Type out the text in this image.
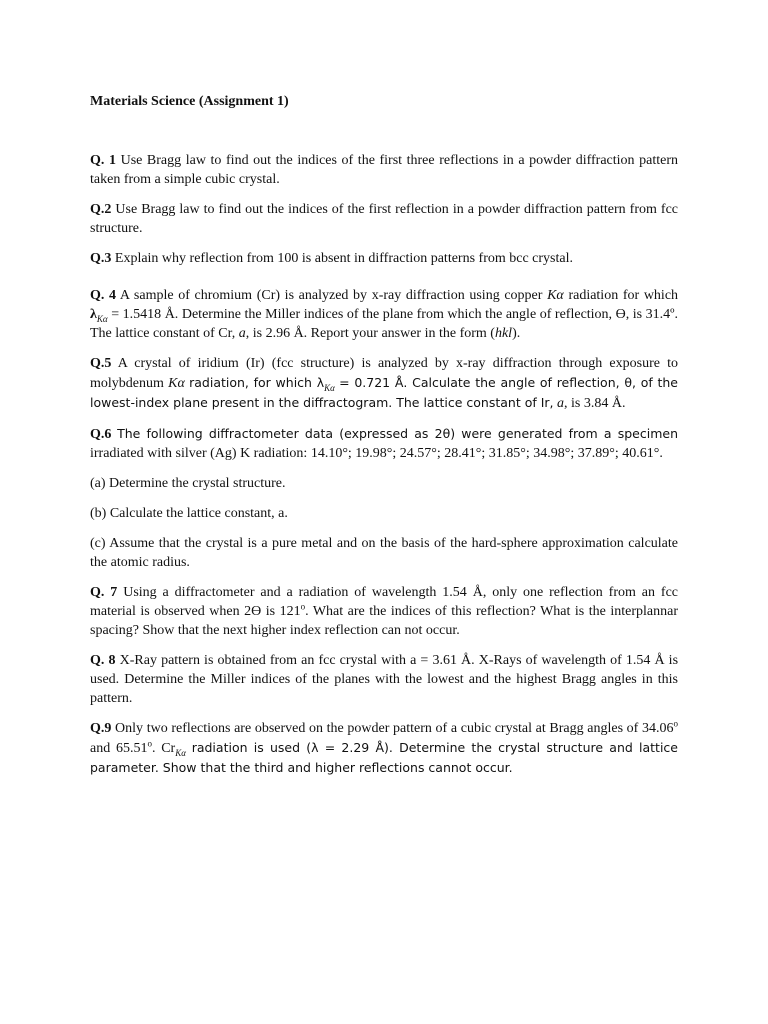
Materials Science (Assignment 1)

Q. 1 Use Bragg law to find out the indices of the first three reflections in a powder diffraction pattern taken from a simple cubic crystal.

Q.2 Use Bragg law to find out the indices of the first reflection in a powder diffraction pattern from fcc structure.

Q.3 Explain why reflection from 100 is absent in diffraction patterns from bcc crystal.

Q. 4 A sample of chromium (Cr) is analyzed by x-ray diffraction using copper Kα radiation for which $\lambda_{K\alpha} = 1.5418$ Å. Determine the Miller indices of the plane from which the angle of reflection, ϴ, is 31.4º. The lattice constant of Cr, a, is 2.96 Å. Report your answer in the form (hkl).

Q.5 A crystal of iridium (Ir) (fcc structure) is analyzed by x-ray diffraction through exposure to molybdenum Kα radiation, for which $\lambda_{K\alpha} = 0.721$ Å. Calculate the angle of reflection, θ, of the lowest-index plane present in the diffractogram. The lattice constant of Ir, a, is 3.84 Å.

Q.6 The following diffractometer data (expressed as 2θ) were generated from a specimen irradiated with silver (Ag) K radiation: 14.10°; 19.98°; 24.57°; 28.41°; 31.85°; 34.98°; 37.89°; 40.61°.

(a) Determine the crystal structure.

(b) Calculate the lattice constant, a.

(c) Assume that the crystal is a pure metal and on the basis of the hard-sphere approximation calculate the atomic radius.

Q. 7 Using a diffractometer and a radiation of wavelength 1.54 Å, only one reflection from an fcc material is observed when 2ϴ is 121$^o$. What are the indices of this reflection? What is the interplannar spacing? Show that the next higher index reflection can not occur.

Q. 8 X-Ray pattern is obtained from an fcc crystal with a = 3.61 Å. X-Rays of wavelength of 1.54 Å is used. Determine the Miller indices of the planes with the lowest and the highest Bragg angles in this pattern.

Q.9 Only two reflections are observed on the powder pattern of a cubic crystal at Bragg angles of 34.06$^o$ and 65.51$^o$. $Cr_{K\alpha}$ radiation is used (λ = 2.29 Å). Determine the crystal structure and lattice parameter. Show that the third and higher reflections cannot occur.
